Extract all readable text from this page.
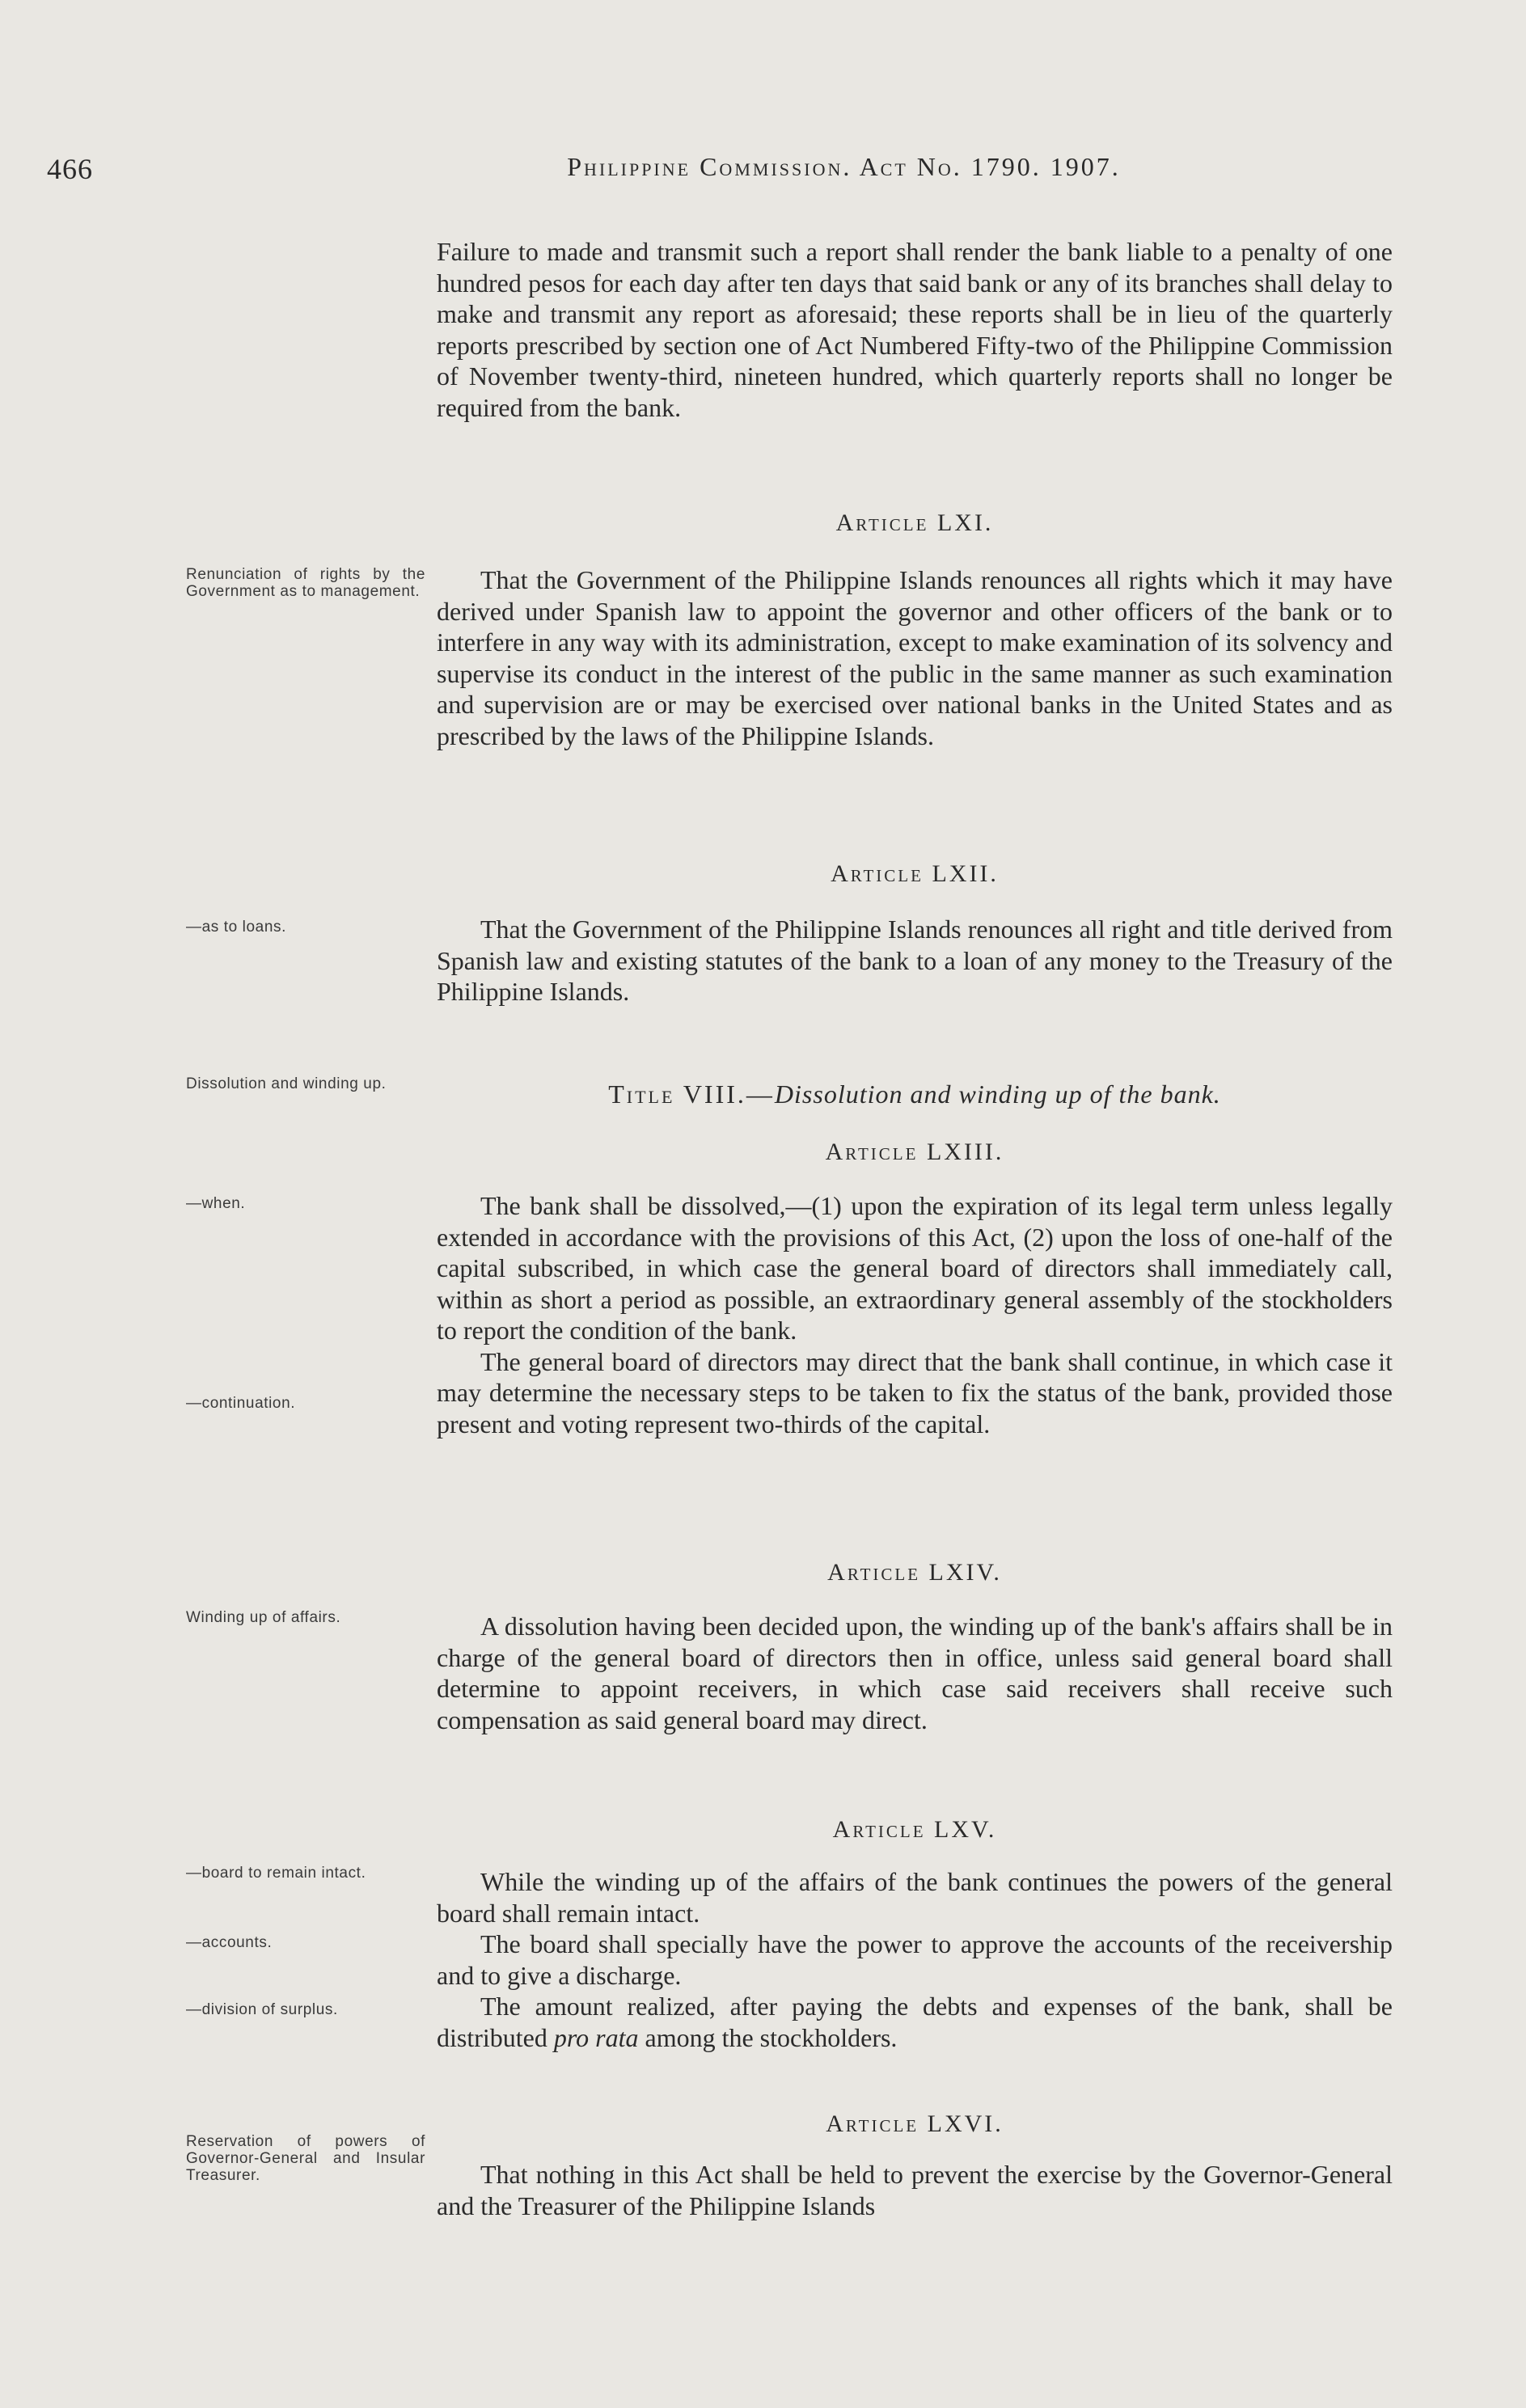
466	Philippine Commission. Act No. 1790. 1907.

Failure to made and transmit such a report shall render the bank liable to a penalty of one hundred pesos for each day after ten days that said bank or any of its branches shall delay to make and transmit any report as aforesaid; these reports shall be in lieu of the quarterly reports prescribed by section one of Act Numbered Fifty-two of the Philippine Commission of November twenty-third, nineteen hundred, which quarterly reports shall no longer be required from the bank.

Article LXI.
Renunciation of rights by the Government as to management.	That the Government of the Philippine Islands renounces all rights which it may have derived under Spanish law to appoint the governor and other officers of the bank or to interfere in any way with its administration, except to make examination of its solvency and supervise its conduct in the interest of the public in the same manner as such examination and supervision are or may be exercised over national banks in the United States and as prescribed by the laws of the Philippine Islands.

Article LXII.
—as to loans.	That the Government of the Philippine Islands renounces all right and title derived from Spanish law and existing statutes of the bank to a loan of any money to the Treasury of the Philippine Islands.

Dissolution and winding up.	Title VIII.—Dissolution and winding up of the bank.
Article LXIII.
—when.
—continuation.

The bank shall be dissolved,—(1) upon the expiration of its legal term unless legally extended in accordance with the provisions of this Act, (2) upon the loss of one-half of the capital subscribed, in which case the general board of directors shall immediately call, within as short a period as possible, an extraordinary general assembly of the stockholders to report the condition of the bank.

The general board of directors may direct that the bank shall continue, in which case it may determine the necessary steps to be taken to fix the status of the bank, provided those present and voting represent two-thirds of the capital.

Article LXIV.
Winding up of affairs.	A dissolution having been decided upon, the winding up of the bank's affairs shall be in charge of the general board of directors then in office, unless said general board shall determine to appoint receivers, in which case said receivers shall receive such compensation as said general board may direct.

Article LXV.
—board to remain intact.
—accounts.
—division of surplus.

While the winding up of the affairs of the bank continues the powers of the general board shall remain intact.

The board shall specially have the power to approve the accounts of the receivership and to give a discharge.

The amount realized, after paying the debts and expenses of the bank, shall be distributed pro rata among the stockholders.

Article LXVI.
Reservation of powers of Governor-General and Insular Treasurer.	That nothing in this Act shall be held to prevent the exercise by the Governor-General and the Treasurer of the Philippine Islands
